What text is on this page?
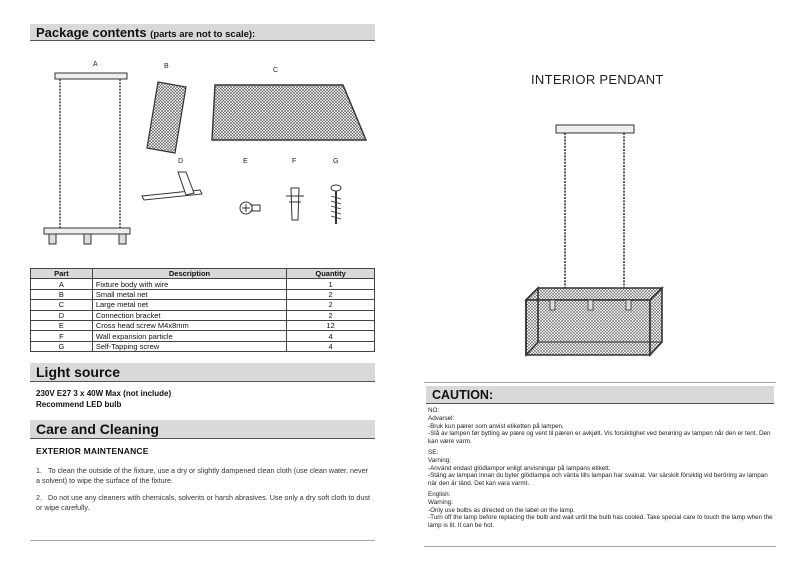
Package contents (parts are not to scale):
A	B
C
D	E	F	G
Part	Description	Quantity
A	Fixture body with wire	1
B	Small metal net	2
C	Large metal net	2
D	Connection bracket	2
E	Cross head screw M4x8mm	12
F	Wall expansion particle	4
G	Self-Tapping screw	4
Light source
230V E27 3 x 40W Max (not include)
Recommend LED bulb
Care and Cleaning
EXTERIOR MAINTENANCE
1. To clean the outside of the fixture, use a dry or slightly dampened clean cloth (use clean water, never a solvent) to wipe the surface of the fixture.
2. Do not use any cleaners with chemicals, solvents or harsh abrasives. Use only a dry soft cloth to dust or wipe carefully.
INTERIOR PENDANT
CAUTION:
NO:
Advarsel:
-Bruk kun pærer som anvist etiketten på lampen.
-Slå av lampen før bytting av pære og vent til pæren er avkjølt. Vis forsiktighet ved berøring av lampen når den er tent. Den kan være varm.
SE:
Varning:
-Använd endast glödlampor enligt anvisningar på lampans etikett.
-Stäng av lampan innan du byter glödlampa och vänta tills lampan har svalnat. Var särskilt försiktig vid beröring av lampan när den är tänd. Det kan vara varmt.
English:
Warning:
-Only use bulbs as directed on the label on the lamp.
-Turn off the lamp before replacing the bulb and wait until the bulb has cooled. Take special care to touch the lamp when the lamp is lit. It can be hot.
